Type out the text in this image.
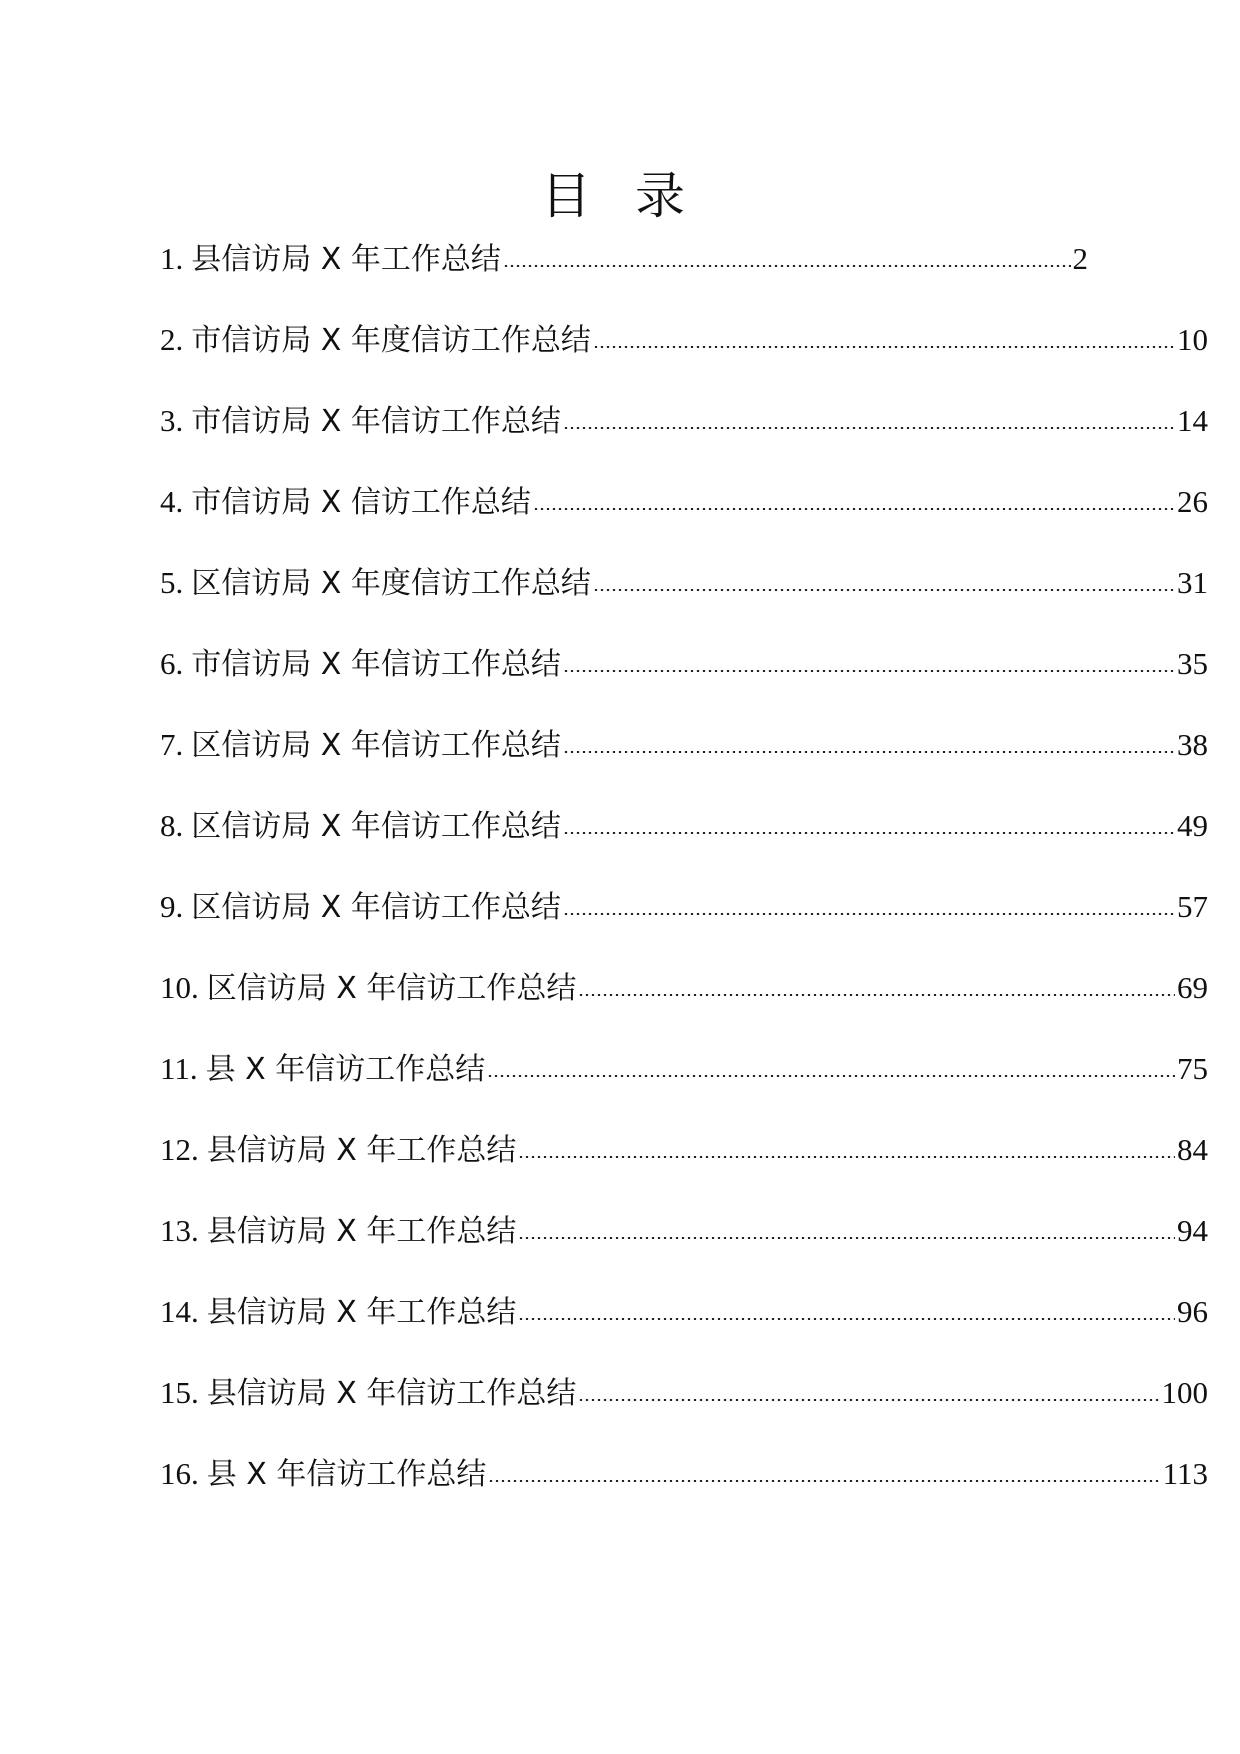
目 录
1. 县信访局 X 年工作总结	2
2. 市信访局 X 年度信访工作总结	10
3. 市信访局 X 年信访工作总结	14
4. 市信访局 X 信访工作总结	26
5. 区信访局 X 年度信访工作总结	31
6. 市信访局 X 年信访工作总结	35
7. 区信访局 X 年信访工作总结	38
8. 区信访局 X 年信访工作总结	49
9. 区信访局 X 年信访工作总结	57
10. 区信访局 X 年信访工作总结	69
11. 县 X 年信访工作总结	75
12. 县信访局 X 年工作总结	84
13. 县信访局 X 年工作总结	94
14. 县信访局 X 年工作总结	96
15. 县信访局 X 年信访工作总结	100
16. 县 X 年信访工作总结	113
